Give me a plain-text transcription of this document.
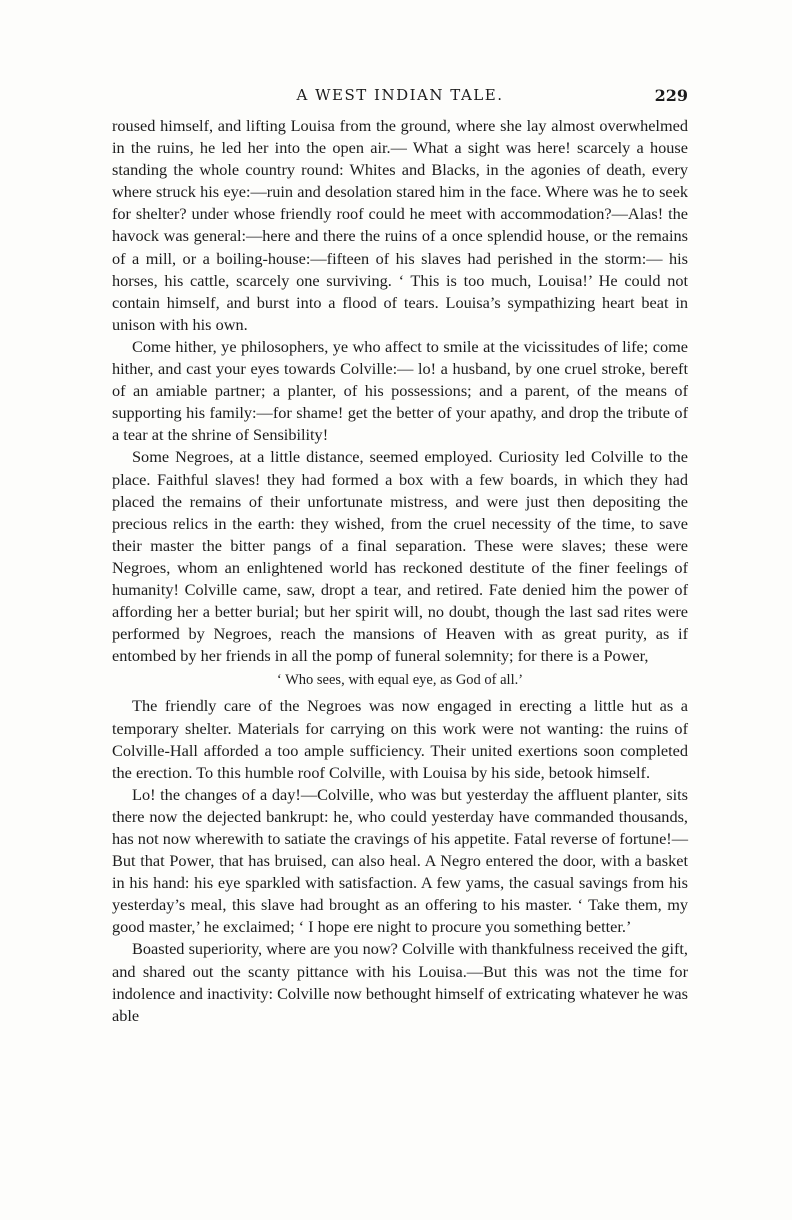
A WEST INDIAN TALE.	229

roused himself, and lifting Louisa from the ground, where she lay almost overwhelmed in the ruins, he led her into the open air.— What a sight was here! scarcely a house standing the whole country round: Whites and Blacks, in the agonies of death, every where struck his eye:—ruin and desolation stared him in the face. Where was he to seek for shelter? under whose friendly roof could he meet with accommodation?—Alas! the havock was general:—here and there the ruins of a once splendid house, or the remains of a mill, or a boiling-house:—fifteen of his slaves had perished in the storm:— his horses, his cattle, scarcely one surviving. ‘ This is too much, Louisa!’ He could not contain himself, and burst into a flood of tears. Louisa’s sympathizing heart beat in unison with his own.

Come hither, ye philosophers, ye who affect to smile at the vicissitudes of life; come hither, and cast your eyes towards Colville:— lo! a husband, by one cruel stroke, bereft of an amiable partner; a planter, of his possessions; and a parent, of the means of supporting his family:—for shame! get the better of your apathy, and drop the tribute of a tear at the shrine of Sensibility!

Some Negroes, at a little distance, seemed employed. Curiosity led Colville to the place. Faithful slaves! they had formed a box with a few boards, in which they had placed the remains of their unfortunate mistress, and were just then depositing the precious relics in the earth: they wished, from the cruel necessity of the time, to save their master the bitter pangs of a final separation. These were slaves; these were Negroes, whom an enlightened world has reckoned destitute of the finer feelings of humanity! Colville came, saw, dropt a tear, and retired. Fate denied him the power of affording her a better burial; but her spirit will, no doubt, though the last sad rites were performed by Negroes, reach the mansions of Heaven with as great purity, as if entombed by her friends in all the pomp of funeral solemnity; for there is a Power,

‘ Who sees, with equal eye, as God of all.’

The friendly care of the Negroes was now engaged in erecting a little hut as a temporary shelter. Materials for carrying on this work were not wanting: the ruins of Colville-Hall afforded a too ample sufficiency. Their united exertions soon completed the erection. To this humble roof Colville, with Louisa by his side, betook himself.

Lo! the changes of a day!—Colville, who was but yesterday the affluent planter, sits there now the dejected bankrupt: he, who could yesterday have commanded thousands, has not now wherewith to satiate the cravings of his appetite. Fatal reverse of fortune!— But that Power, that has bruised, can also heal. A Negro entered the door, with a basket in his hand: his eye sparkled with satisfaction. A few yams, the casual savings from his yesterday’s meal, this slave had brought as an offering to his master. ‘ Take them, my good master,’ he exclaimed; ‘ I hope ere night to procure you something better.’

Boasted superiority, where are you now? Colville with thankfulness received the gift, and shared out the scanty pittance with his Louisa.—But this was not the time for indolence and inactivity: Colville now bethought himself of extricating whatever he was able
